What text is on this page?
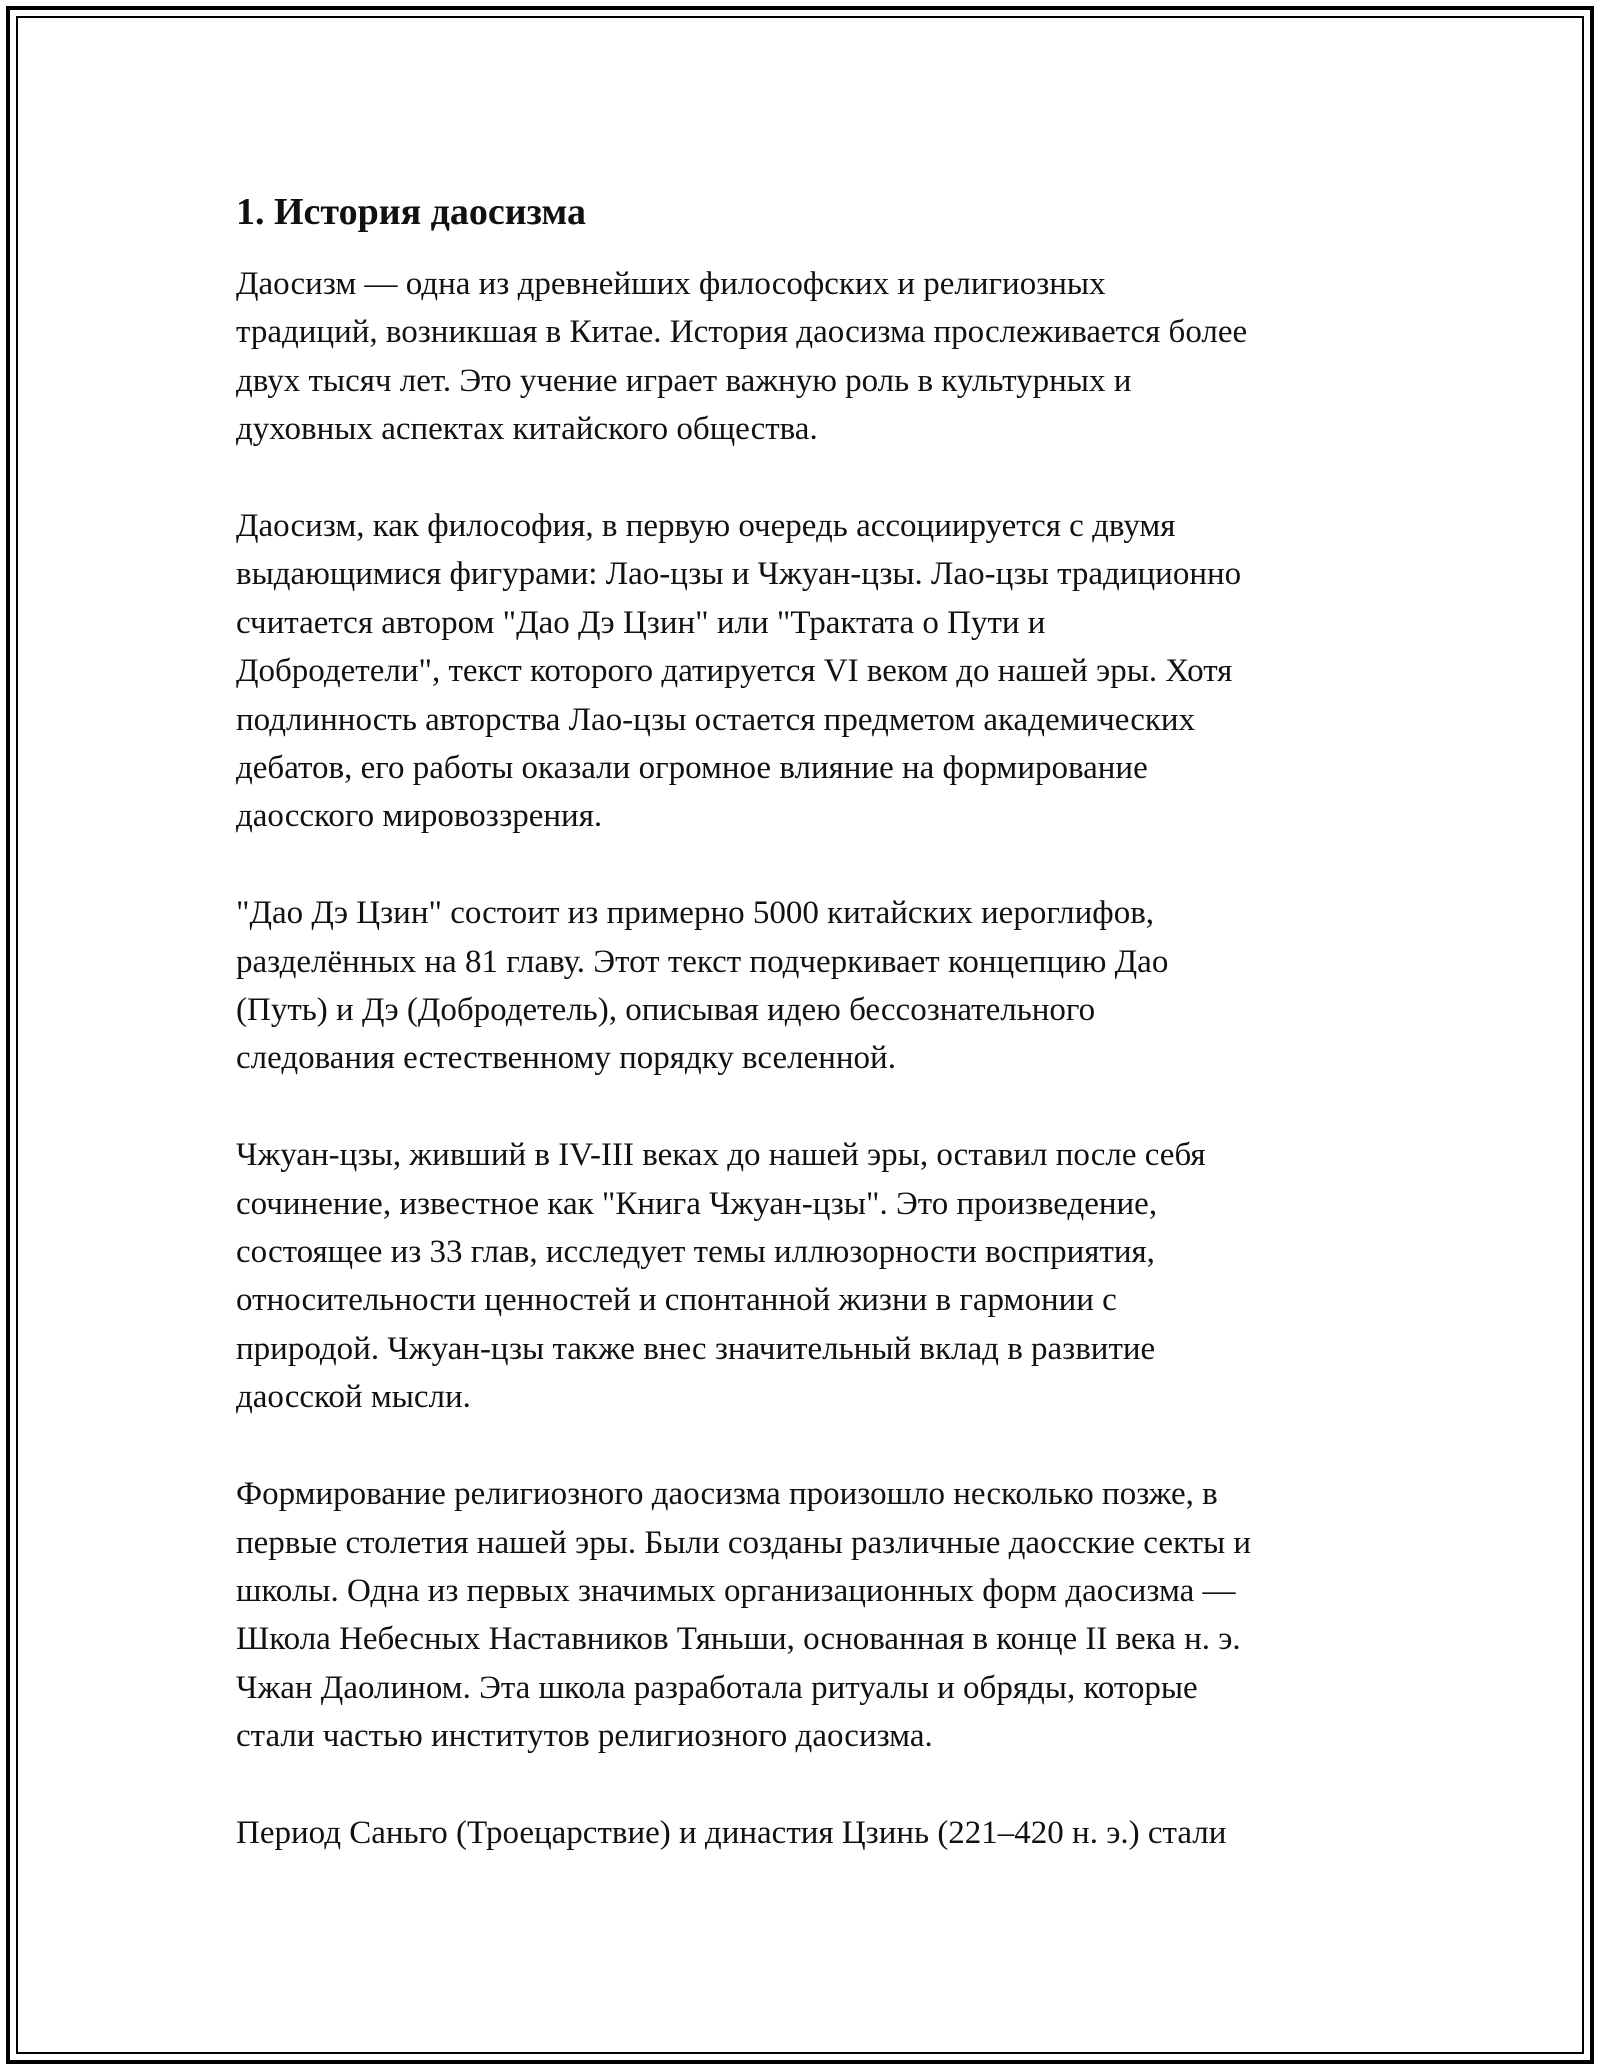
1. История даосизма

Даосизм — одна из древнейших философских и религиозных
традиций, возникшая в Китае. История даосизма прослеживается более
двух тысяч лет. Это учение играет важную роль в культурных и
духовных аспектах китайского общества.

Даосизм, как философия, в первую очередь ассоциируется с двумя
выдающимися фигурами: Лао-цзы и Чжуан-цзы. Лао-цзы традиционно
считается автором "Дао Дэ Цзин" или "Трактата о Пути и
Добродетели", текст которого датируется VI веком до нашей эры. Хотя
подлинность авторства Лао-цзы остается предметом академических
дебатов, его работы оказали огромное влияние на формирование
даосского мировоззрения.

"Дао Дэ Цзин" состоит из примерно 5000 китайских иероглифов,
разделённых на 81 главу. Этот текст подчеркивает концепцию Дао
(Путь) и Дэ (Добродетель), описывая идею бессознательного
следования естественному порядку вселенной.

Чжуан-цзы, живший в IV-III веках до нашей эры, оставил после себя
сочинение, известное как "Книга Чжуан-цзы". Это произведение,
состоящее из 33 глав, исследует темы иллюзорности восприятия,
относительности ценностей и спонтанной жизни в гармонии с
природой. Чжуан-цзы также внес значительный вклад в развитие
даосской мысли.

Формирование религиозного даосизма произошло несколько позже, в
первые столетия нашей эры. Были созданы различные даосские секты и
школы. Одна из первых значимых организационных форм даосизма —
Школа Небесных Наставников Тяньши, основанная в конце II века н. э.
Чжан Даолином. Эта школа разработала ритуалы и обряды, которые
стали частью институтов религиозного даосизма.

Период Саньго (Троецарствие) и династия Цзинь (221–420 н. э.) стали
